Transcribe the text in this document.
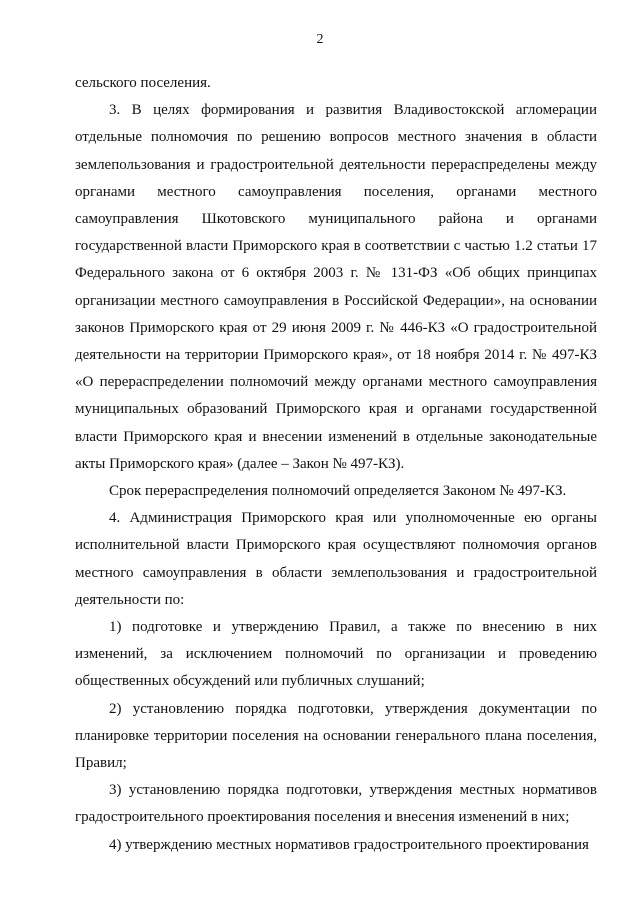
2

сельского поселения.

3. В целях формирования и развития Владивостокской агломерации отдельные полномочия по решению вопросов местного значения в области землепользования и градостроительной деятельности перераспределены между органами местного самоуправления поселения, органами местного самоуправления Шкотовского муниципального района и органами государственной власти Приморского края в соответствии с частью 1.2 статьи 17 Федерального закона от 6 октября 2003 г. № 131-ФЗ «Об общих принципах организации местного самоуправления в Российской Федерации», на основании законов Приморского края от 29 июня 2009 г. № 446-КЗ «О градостроительной деятельности на территории Приморского края», от 18 ноября 2014 г. № 497-КЗ «О перераспределении полномочий между органами местного самоуправления муниципальных образований Приморского края и органами государственной власти Приморского края и внесении изменений в отдельные законодательные акты Приморского края» (далее – Закон № 497-КЗ).

Срок перераспределения полномочий определяется Законом № 497-КЗ.

4. Администрация Приморского края или уполномоченные ею органы исполнительной власти Приморского края осуществляют полномочия органов местного самоуправления в области землепользования и градостроительной деятельности по:

1) подготовке и утверждению Правил, а также по внесению в них изменений, за исключением полномочий по организации и проведению общественных обсуждений или публичных слушаний;

2) установлению порядка подготовки, утверждения документации по планировке территории поселения на основании генерального плана поселения, Правил;

3) установлению порядка подготовки, утверждения местных нормативов градостроительного проектирования поселения и внесения изменений в них;

4) утверждению местных нормативов градостроительного проектирования
